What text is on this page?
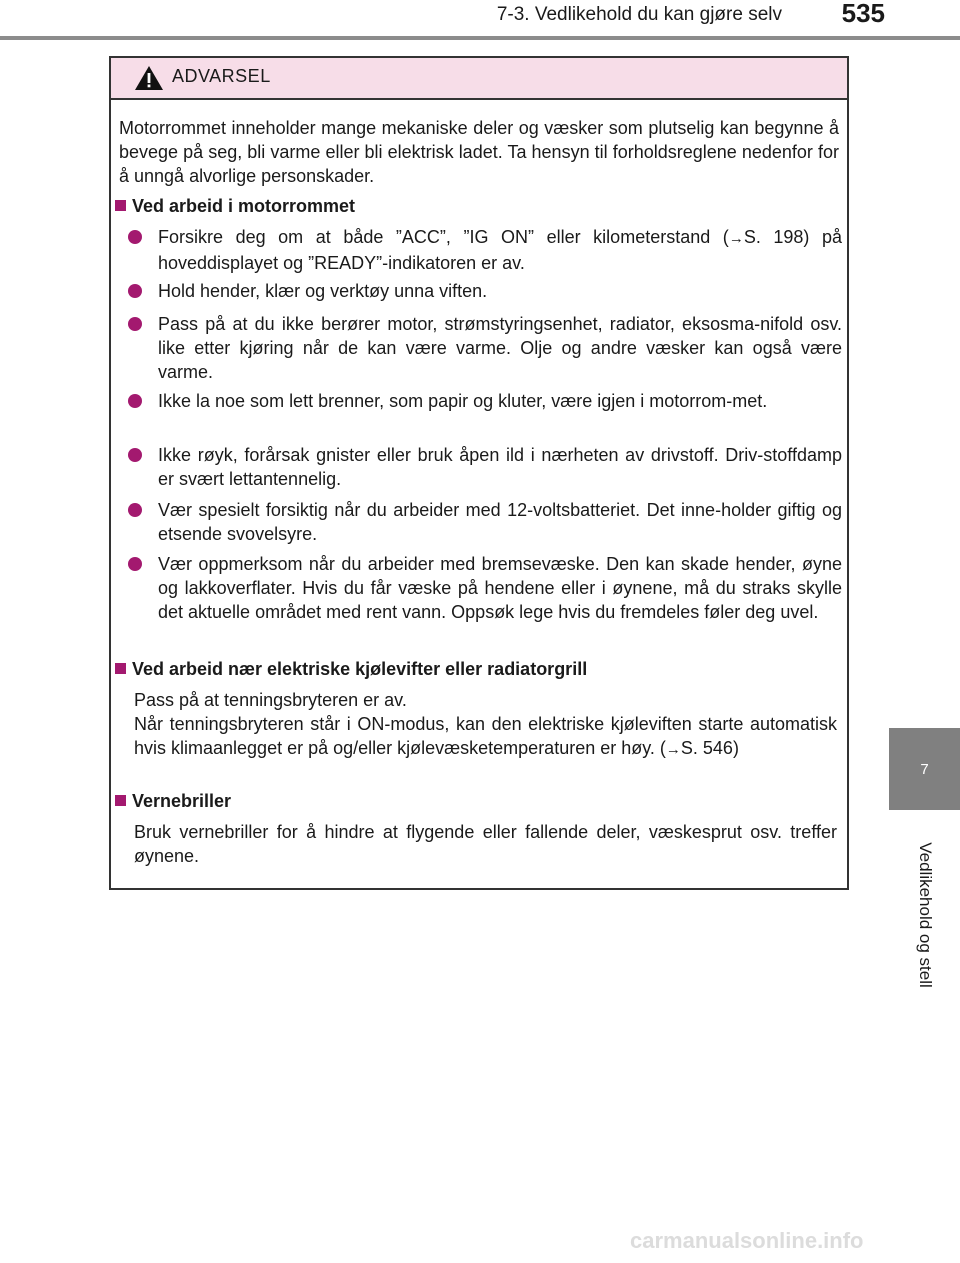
7-3. Vedlikehold du kan gjøre selv	535
7
Vedlikehold og stell
ADVARSEL
Motorrommet inneholder mange mekaniske deler og væsker som plutselig kan begynne å bevege på seg, bli varme eller bli elektrisk ladet. Ta hensyn til forholdsreglene nedenfor for å unngå alvorlige personskader.
Ved arbeid i motorrommet
Forsikre deg om at både ”ACC”, ”IG ON” eller kilometerstand (→S. 198) på hoveddisplayet og ”READY”-indikatoren er av.
Hold hender, klær og verktøy unna viften.
Pass på at du ikke berører motor, strømstyringsenhet, radiator, eksosma-nifold osv. like etter kjøring når de kan være varme. Olje og andre væsker kan også være varme.
Ikke la noe som lett brenner, som papir og kluter, være igjen i motorrom-met.
Ikke røyk, forårsak gnister eller bruk åpen ild i nærheten av drivstoff. Driv-stoffdamp er svært lettantennelig.
Vær spesielt forsiktig når du arbeider med 12-voltsbatteriet. Det inne-holder giftig og etsende svovelsyre.
Vær oppmerksom når du arbeider med bremsevæske. Den kan skade hender, øyne og lakkoverflater. Hvis du får væske på hendene eller i øynene, må du straks skylle det aktuelle området med rent vann. Oppsøk lege hvis du fremdeles føler deg uvel.
Ved arbeid nær elektriske kjølevifter eller radiatorgrill
Pass på at tenningsbryteren er av.
Når tenningsbryteren står i ON-modus, kan den elektriske kjøleviften starte automatisk hvis klimaanlegget er på og/eller kjølevæsketemperaturen er høy. (→S. 546)
Vernebriller
Bruk vernebriller for å hindre at flygende eller fallende deler, væskesprut osv. treffer øynene.
carmanualsonline.info
